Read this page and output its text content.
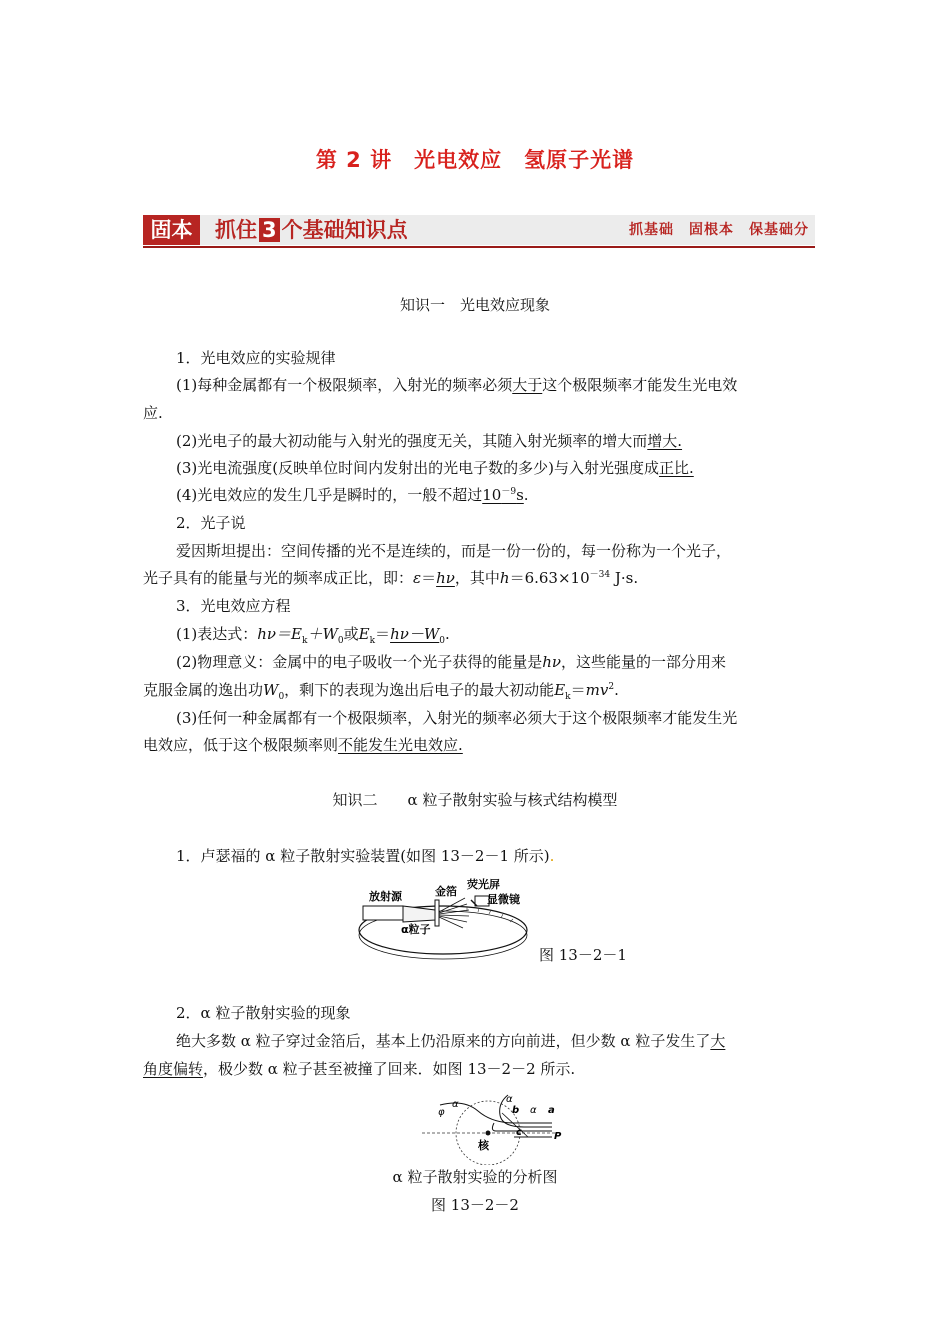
第 2 讲　光电效应　氢原子光谱
固本	抓住 3 个基础知识点	抓基础　固根本　保基础分
知识一　光电效应现象
1．光电效应的实验规律
(1)每种金属都有一个极限频率，入射光的频率必须大于这个极限频率才能发生光电效
应.
(2)光电子的最大初动能与入射光的强度无关，其随入射光频率的增大而增大.
(3)光电流强度(反映单位时间内发射出的光电子数的多少)与入射光强度成正比.
(4)光电效应的发生几乎是瞬时的，一般不超过$10^{-9}s$.
2．光子说
爱因斯坦提出：空间传播的光不是连续的，而是一份一份的，每一份称为一个光子，
光子具有的能量与光的频率成正比，即：ε＝hν，其中$h=6.63\times 10^{-34}$ J·s.
3．光电效应方程
(1)表达式：$h\nu=E_k+W_0$或$E_k=h\nu-W_0$.
(2)物理意义：金属中的电子吸收一个光子获得的能量是hν，这些能量的一部分用来
克服金属的逸出功$W_0$，剩下的表现为逸出后电子的最大初动能$E_k=mv^2$.
(3)任何一种金属都有一个极限频率，入射光的频率必须大于这个极限频率才能发生光
电效应，低于这个极限频率则不能发生光电效应.
知识二　　α 粒子散射实验与核式结构模型
1．卢瑟福的 α 粒子散射实验装置(如图 13－2－1 所示).
放射源	金箔
荧光屏
显微镜
α粒子
图 13－2－1
2．α 粒子散射实验的现象
绝大多数 α 粒子穿过金箔后，基本上仍沿原来的方向前进，但少数 α 粒子发生了大
角度偏转，极少数 α 粒子甚至被撞了回来．如图 13－2－2 所示.
φ
α	α
b α a
c	P
核
α 粒子散射实验的分析图
图 13－2－2
